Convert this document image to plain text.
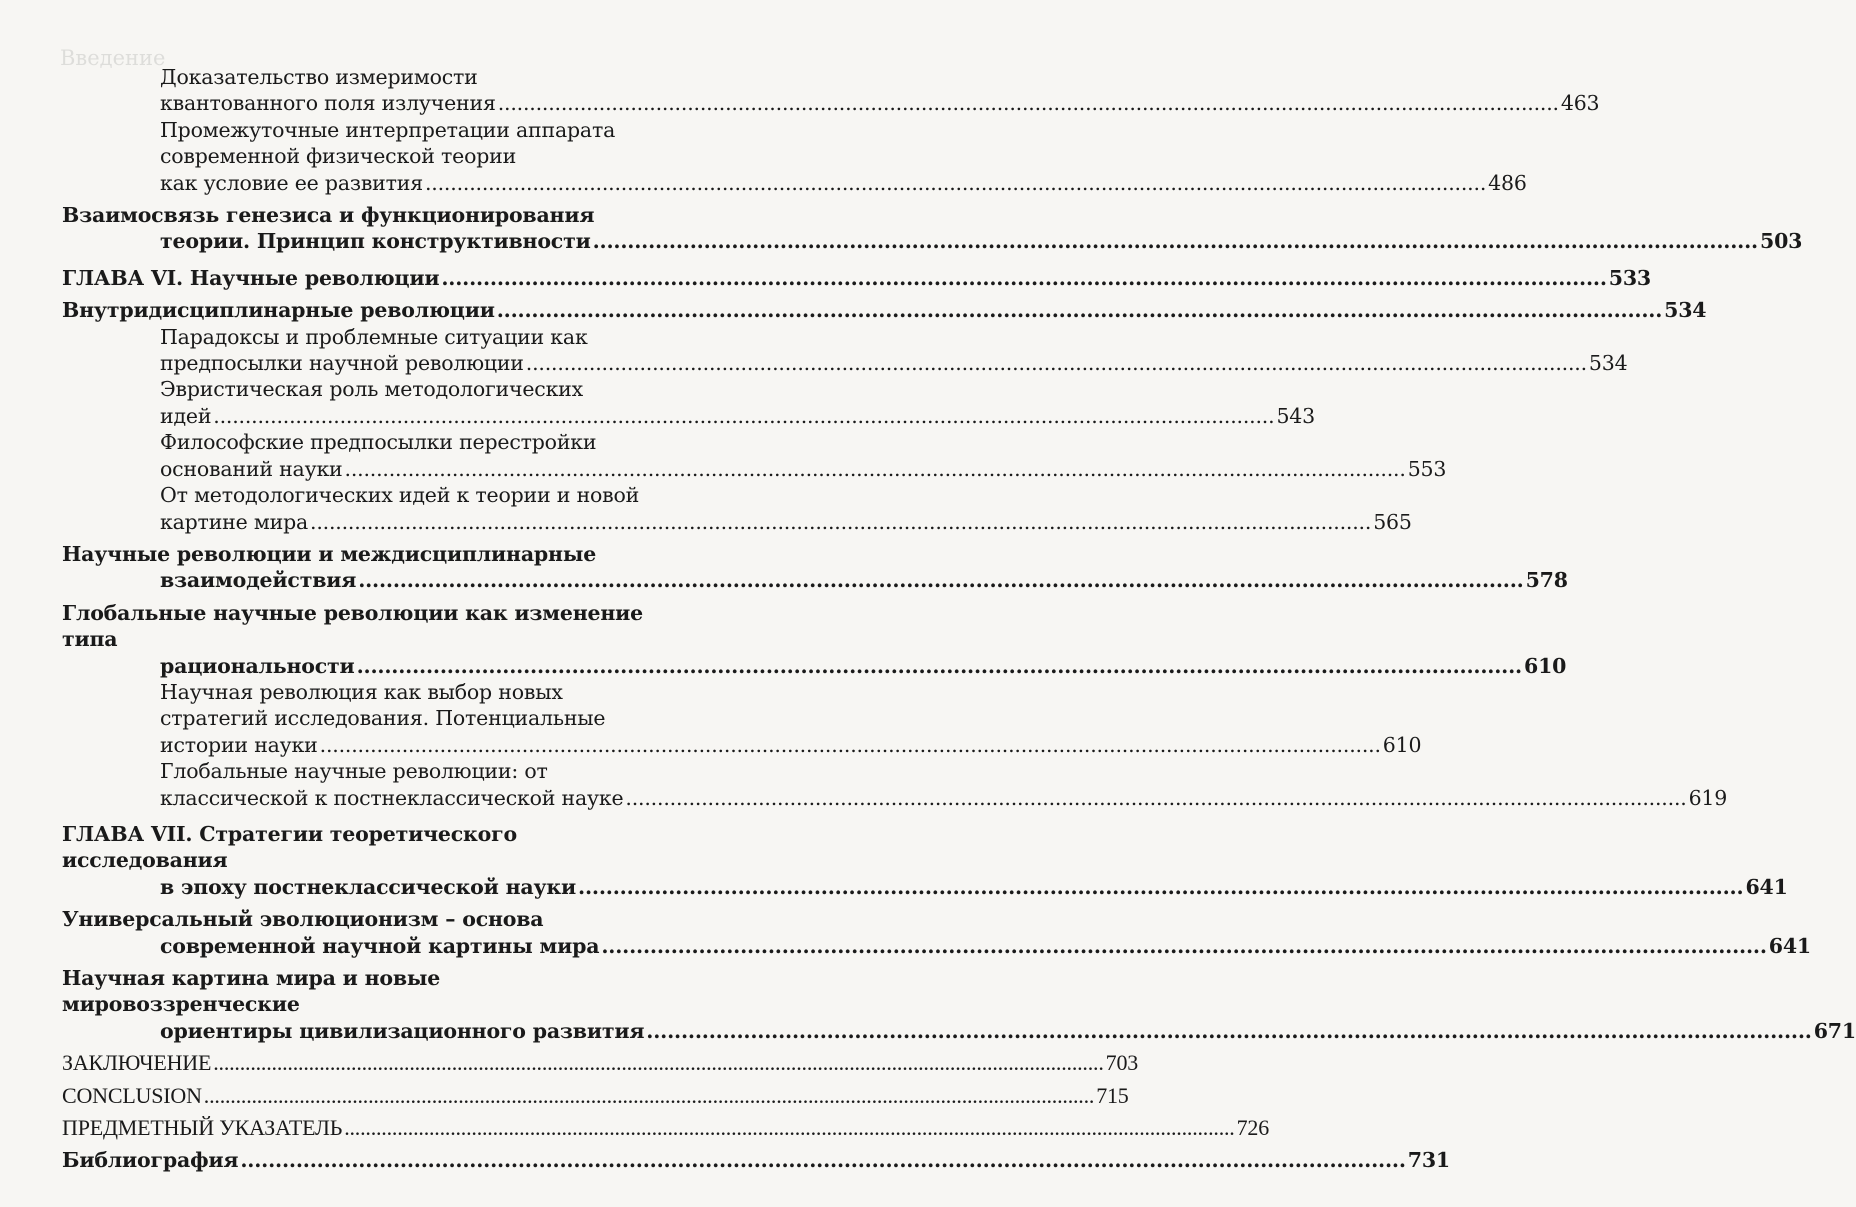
Введение
Доказательство измеримости
квантованного поля излучения .....	463
Промежуточные интерпретации аппарата
современной физической теории
как условие ее развития .....	486
Взаимосвязь генезиса и функционирования
теории. Принцип конструктивности .....	503
ГЛАВА VI. Научные революции .....	533
Внутридисциплинарные революции .....	534
Парадоксы и проблемные ситуации как
предпосылки научной революции .....	534
Эвристическая роль методологических
идей .....	543
Философские предпосылки перестройки
оснований науки .....	553
От методологических идей к теории и новой
картине мира .....	565
Научные революции и междисциплинарные
взаимодействия .....	578
Глобальные научные революции как изменение типа
рациональности .....	610
Научная революция как выбор новых
стратегий исследования. Потенциальные
истории науки .....	610
Глобальные научные революции: от
классической к постнеклассической науке .....	619
ГЛАВА VII. Стратегии теоретического исследования
в эпоху постнеклассической науки .....	641
Универсальный эволюционизм – основа
современной научной картины мира .....	641
Научная картина мира и новые мировоззренческие
ориентиры цивилизационного развития .....	671
ЗАКЛЮЧЕНИЕ .....	703
CONCLUSION .....	715
ПРЕДМЕТНЫЙ УКАЗАТЕЛЬ .....	726
Библиография .....	731
